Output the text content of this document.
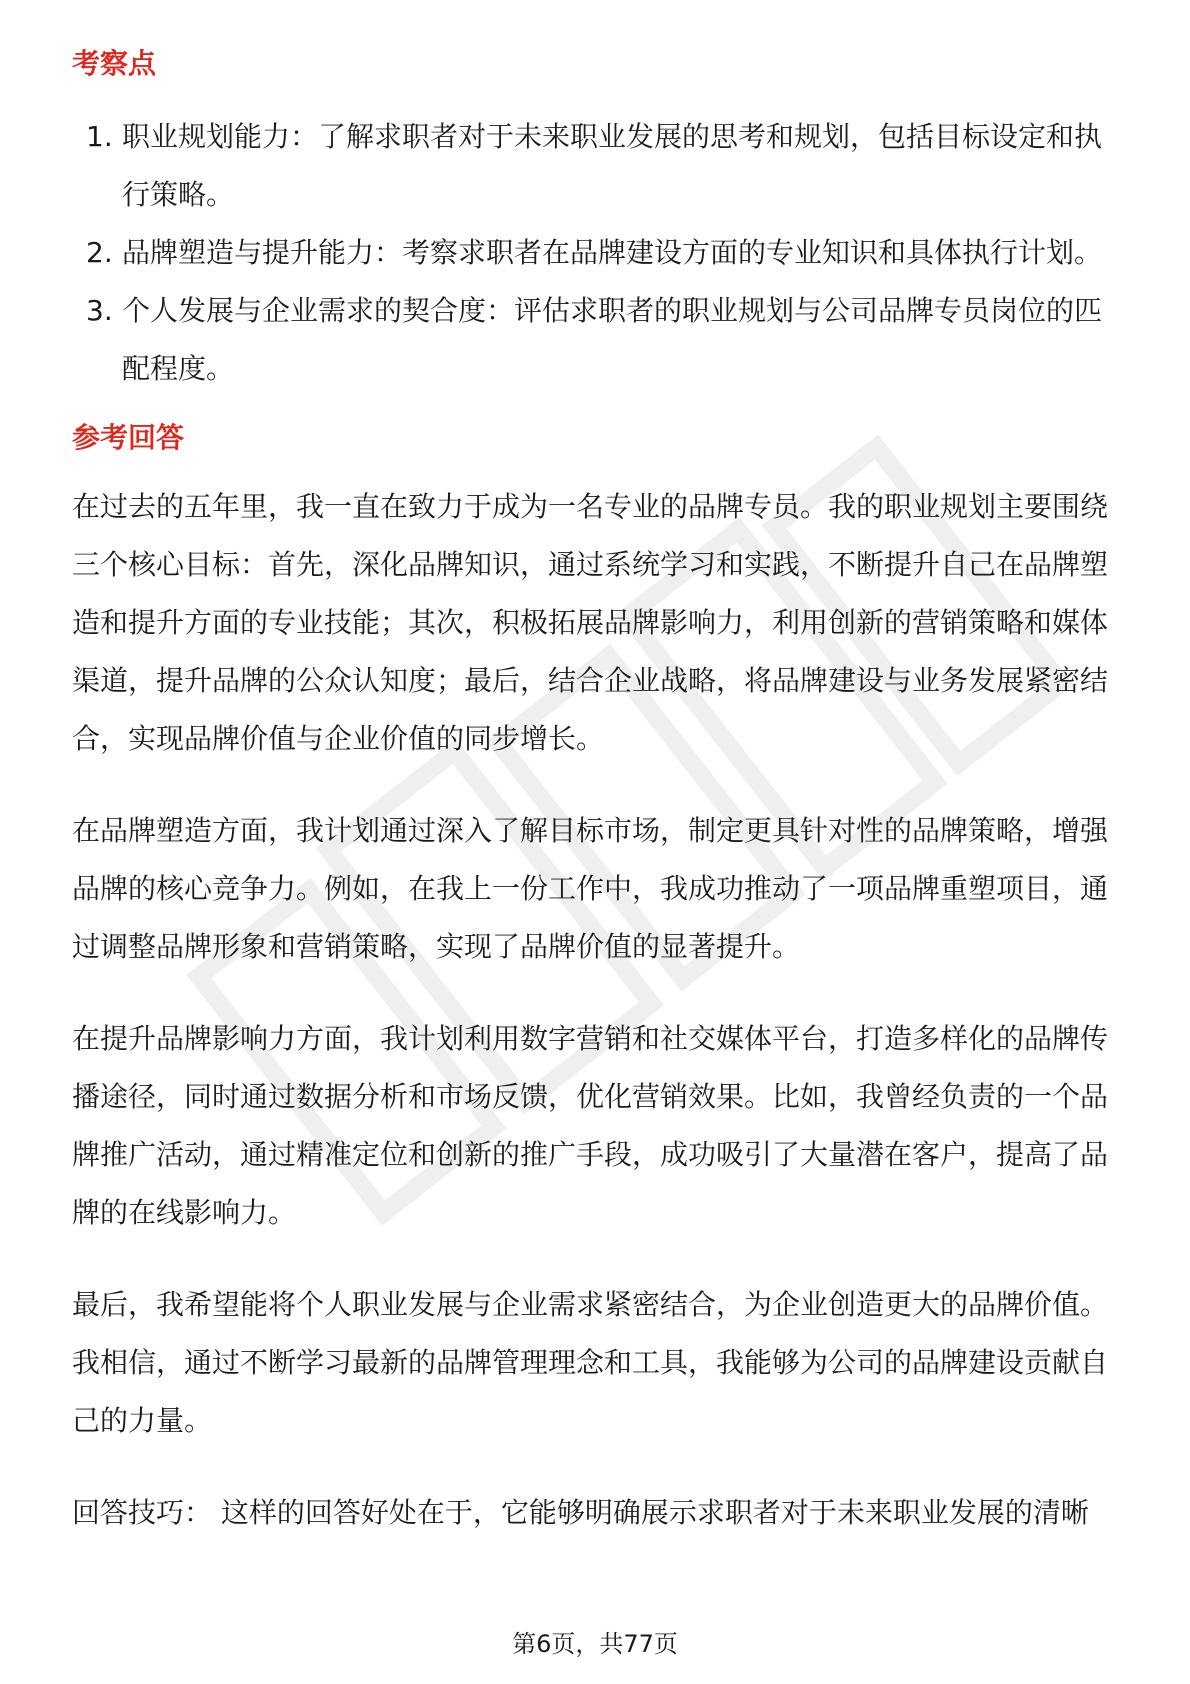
考察点
1. 职业规划能力：了解求职者对于未来职业发展的思考和规划，包括目标设定和执行策略。
2. 品牌塑造与提升能力：考察求职者在品牌建设方面的专业知识和具体执行计划。
3. 个人发展与企业需求的契合度：评估求职者的职业规划与公司品牌专员岗位的匹配程度。
参考回答

在过去的五年里，我一直在致力于成为一名专业的品牌专员。我的职业规划主要围绕三个核心目标：首先，深化品牌知识，通过系统学习和实践，不断提升自己在品牌塑造和提升方面的专业技能；其次，积极拓展品牌影响力，利用创新的营销策略和媒体渠道，提升品牌的公众认知度；最后，结合企业战略，将品牌建设与业务发展紧密结合，实现品牌价值与企业价值的同步增长。

在品牌塑造方面，我计划通过深入了解目标市场，制定更具针对性的品牌策略，增强品牌的核心竞争力。例如，在我上一份工作中，我成功推动了一项品牌重塑项目，通过调整品牌形象和营销策略，实现了品牌价值的显著提升。

在提升品牌影响力方面，我计划利用数字营销和社交媒体平台，打造多样化的品牌传播途径，同时通过数据分析和市场反馈，优化营销效果。比如，我曾经负责的一个品牌推广活动，通过精准定位和创新的推广手段，成功吸引了大量潜在客户，提高了品牌的在线影响力。

最后，我希望能将个人职业发展与企业需求紧密结合，为企业创造更大的品牌价值。我相信，通过不断学习最新的品牌管理理念和工具，我能够为公司的品牌建设贡献自己的力量。

回答技巧： 这样的回答好处在于，它能够明确展示求职者对于未来职业发展的清晰

第6页，共77页
